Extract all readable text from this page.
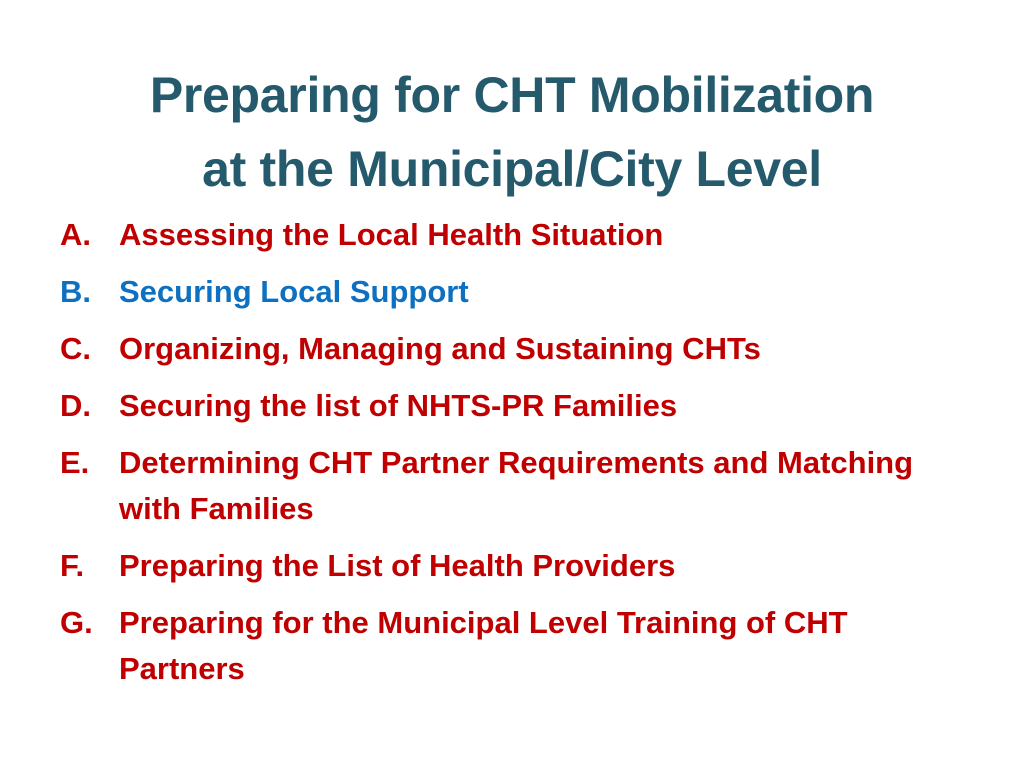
Preparing for CHT Mobilization
at the Municipal/City Level
A. Assessing the Local Health Situation
B. Securing Local Support
C. Organizing, Managing and Sustaining CHTs
D. Securing the list of NHTS-PR Families
E. Determining CHT Partner Requirements and Matching with Families
F.	Preparing the List of Health Providers
G. Preparing for the Municipal Level Training of CHT Partners
